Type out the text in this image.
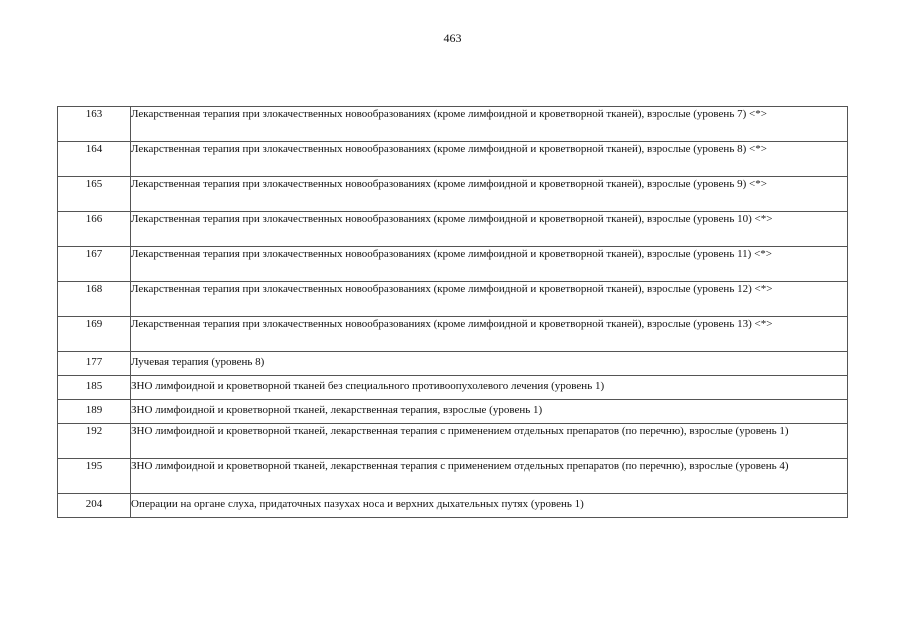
463
163	Лекарственная терапия при злокачественных новообразованиях (кроме лимфоидной и кроветворной тканей), взрослые (уровень 7) <*>
164	Лекарственная терапия при злокачественных новообразованиях (кроме лимфоидной и кроветворной тканей), взрослые (уровень 8) <*>
165	Лекарственная терапия при злокачественных новообразованиях (кроме лимфоидной и кроветворной тканей), взрослые (уровень 9) <*>
166	Лекарственная терапия при злокачественных новообразованиях (кроме лимфоидной и кроветворной тканей), взрослые (уровень 10) <*>
167	Лекарственная терапия при злокачественных новообразованиях (кроме лимфоидной и кроветворной тканей), взрослые (уровень 11) <*>
168	Лекарственная терапия при злокачественных новообразованиях (кроме лимфоидной и кроветворной тканей), взрослые (уровень 12) <*>
169	Лекарственная терапия при злокачественных новообразованиях (кроме лимфоидной и кроветворной тканей), взрослые (уровень 13) <*>
177	Лучевая терапия (уровень 8)
185	ЗНО лимфоидной и кроветворной тканей без специального противоопухолевого лечения (уровень 1)
189	ЗНО лимфоидной и кроветворной тканей, лекарственная терапия, взрослые (уровень 1)
192	ЗНО лимфоидной и кроветворной тканей, лекарственная терапия с применением отдельных препаратов (по перечню), взрослые (уровень 1)
195	ЗНО лимфоидной и кроветворной тканей, лекарственная терапия с применением отдельных препаратов (по перечню), взрослые (уровень 4)
204	Операции на органе слуха, придаточных пазухах носа и верхних дыхательных путях (уровень 1)
